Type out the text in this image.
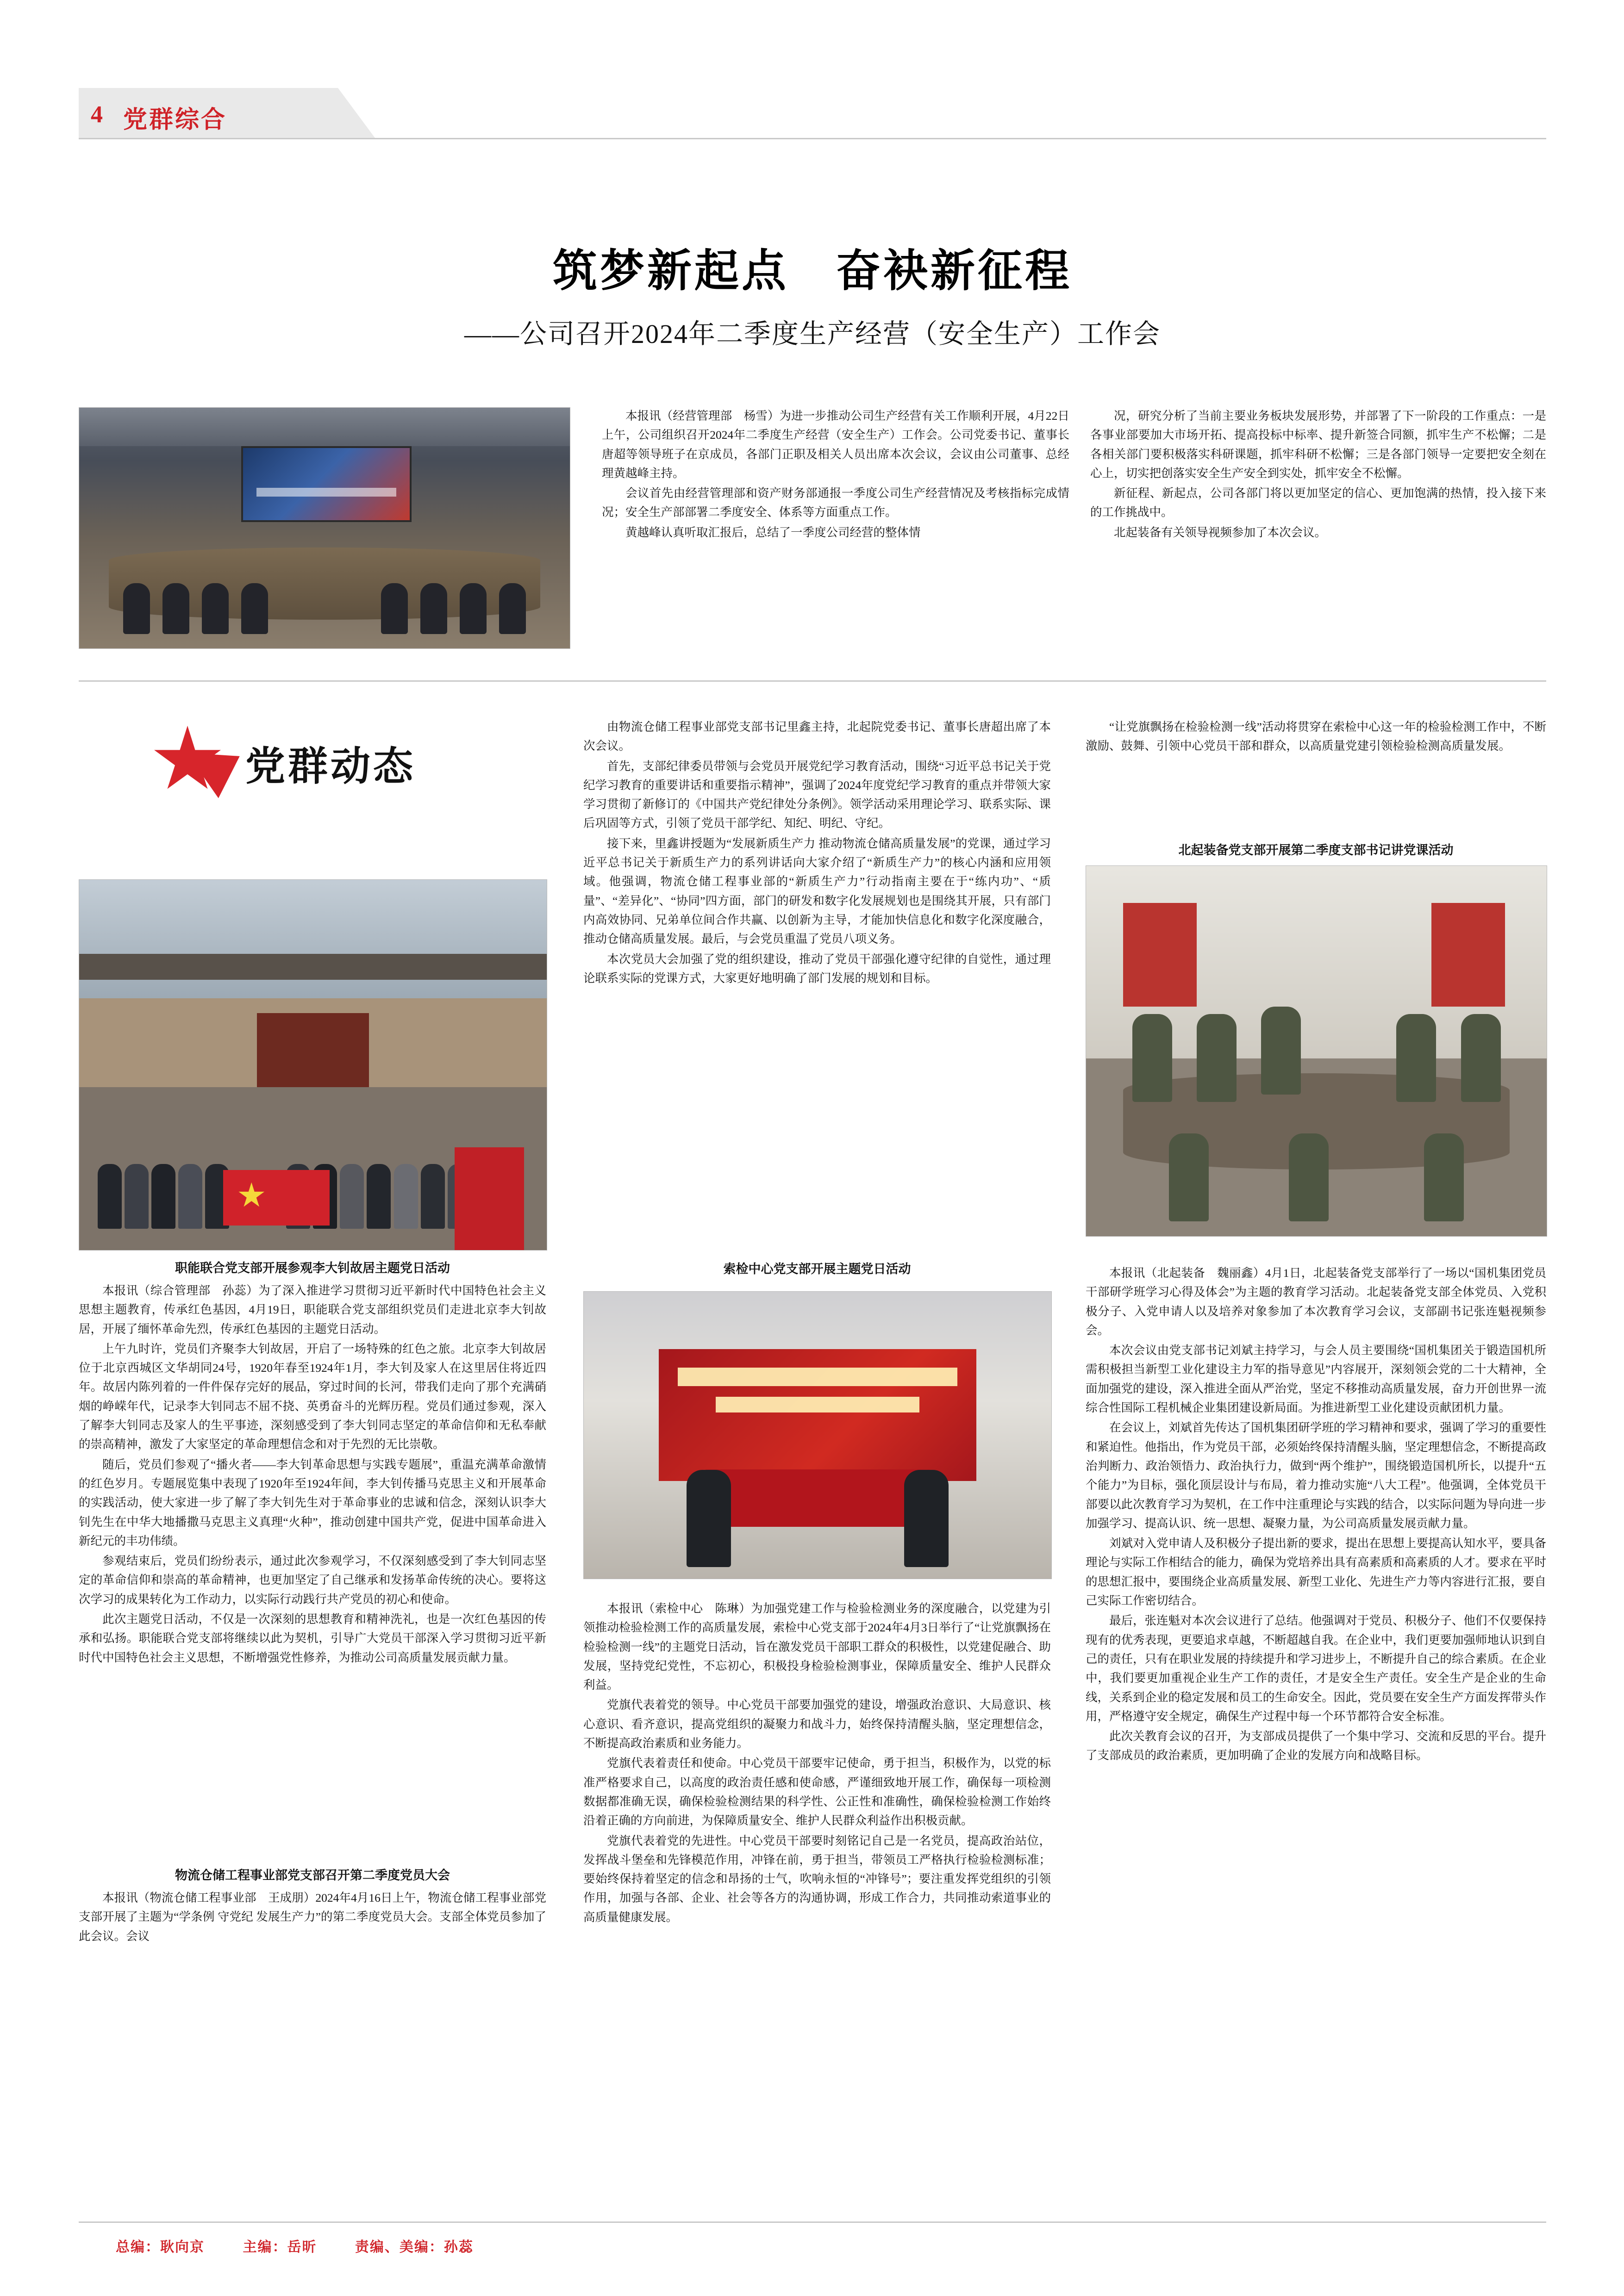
4 党群综合
筑梦新起点　奋袂新征程
——公司召开2024年二季度生产经营（安全生产）工作会

本报讯（经营管理部　杨雪）为进一步推动公司生产经营有关工作顺利开展，4月22日上午，公司组织召开2024年二季度生产经营（安全生产）工作会。公司党委书记、董事长唐超等领导班子在京成员，各部门正职及相关人员出席本次会议，会议由公司董事、总经理黄越峰主持。

会议首先由经营管理部和资产财务部通报一季度公司生产经营情况及考核指标完成情况；安全生产部部署二季度安全、体系等方面重点工作。

黄越峰认真听取汇报后，总结了一季度公司经营的整体情

况，研究分析了当前主要业务板块发展形势，并部署了下一阶段的工作重点：一是各事业部要加大市场开拓、提高投标中标率、提升新签合同额，抓牢生产不松懈；二是各相关部门要积极落实科研课题，抓牢科研不松懈；三是各部门领导一定要把安全刻在心上，切实把创落实安全生产安全到实处，抓牢安全不松懈。

新征程、新起点，公司各部门将以更加坚定的信心、更加饱满的热情，投入接下来的工作挑战中。

北起装备有关领导视频参加了本次会议。

党群动态
职能联合党支部开展参观李大钊故居主题党日活动

本报讯（综合管理部　孙蕊）为了深入推进学习贯彻习近平新时代中国特色社会主义思想主题教育，传承红色基因，4月19日，职能联合党支部组织党员们走进北京李大钊故居，开展了缅怀革命先烈，传承红色基因的主题党日活动。

上午九时许，党员们齐聚李大钊故居，开启了一场特殊的红色之旅。北京李大钊故居位于北京西城区文华胡同24号，1920年春至1924年1月，李大钊及家人在这里居住将近四年。故居内陈列着的一件件保存完好的展品，穿过时间的长河，带我们走向了那个充满硝烟的峥嵘年代，记录李大钊同志不屈不挠、英勇奋斗的光辉历程。党员们通过参观，深入了解李大钊同志及家人的生平事迹，深刻感受到了李大钊同志坚定的革命信仰和无私奉献的崇高精神，激发了大家坚定的革命理想信念和对于先烈的无比崇敬。

随后，党员们参观了“播火者——李大钊革命思想与实践专题展”，重温充满革命激情的红色岁月。专题展览集中表现了1920年至1924年间，李大钊传播马克思主义和开展革命的实践活动，使大家进一步了解了李大钊先生对于革命事业的忠诚和信念，深刻认识李大钊先生在中华大地播撒马克思主义真理“火种”，推动创建中国共产党，促进中国革命进入新纪元的丰功伟绩。

参观结束后，党员们纷纷表示，通过此次参观学习，不仅深刻感受到了李大钊同志坚定的革命信仰和崇高的革命精神，也更加坚定了自己继承和发扬革命传统的决心。要将这次学习的成果转化为工作动力，以实际行动践行共产党员的初心和使命。

此次主题党日活动，不仅是一次深刻的思想教育和精神洗礼，也是一次红色基因的传承和弘扬。职能联合党支部将继续以此为契机，引导广大党员干部深入学习贯彻习近平新时代中国特色社会主义思想，不断增强党性修养，为推动公司高质量发展贡献力量。

物流仓储工程事业部党支部召开第二季度党员大会

本报讯（物流仓储工程事业部　王成朋）2024年4月16日上午，物流仓储工程事业部党支部开展了主题为“学条例 守党纪 发展生产力”的第二季度党员大会。支部全体党员参加了此会议。会议

由物流仓储工程事业部党支部书记里鑫主持，北起院党委书记、董事长唐超出席了本次会议。

首先，支部纪律委员带领与会党员开展党纪学习教育活动，围绕“习近平总书记关于党纪学习教育的重要讲话和重要指示精神”，强调了2024年度党纪学习教育的重点并带领大家学习贯彻了新修订的《中国共产党纪律处分条例》。领学活动采用理论学习、联系实际、课后巩固等方式，引领了党员干部学纪、知纪、明纪、守纪。

接下来，里鑫讲授题为“发展新质生产力 推动物流仓储高质量发展”的党课，通过学习近平总书记关于新质生产力的系列讲话向大家介绍了“新质生产力”的核心内涵和应用领域。他强调，物流仓储工程事业部的“新质生产力”行动指南主要在于“练内功”、“质量”、“差异化”、“协同”四方面，部门的研发和数字化发展规划也是围绕其开展，只有部门内高效协同、兄弟单位间合作共赢、以创新为主导，才能加快信息化和数字化深度融合，推动仓储高质量发展。最后，与会党员重温了党员八项义务。

本次党员大会加强了党的组织建设，推动了党员干部强化遵守纪律的自觉性，通过理论联系实际的党课方式，大家更好地明确了部门发展的规划和目标。

索检中心党支部开展主题党日活动

本报讯（索检中心　陈琳）为加强党建工作与检验检测业务的深度融合，以党建为引领推动检验检测工作的高质量发展，索检中心党支部于2024年4月3日举行了“让党旗飘扬在检验检测一线”的主题党日活动，旨在激发党员干部职工群众的积极性，以党建促融合、助发展，坚持党纪党性，不忘初心，积极投身检验检测事业，保障质量安全、维护人民群众利益。

党旗代表着党的领导。中心党员干部要加强党的建设，增强政治意识、大局意识、核心意识、看齐意识，提高党组织的凝聚力和战斗力，始终保持清醒头脑，坚定理想信念，不断提高政治素质和业务能力。

党旗代表着责任和使命。中心党员干部要牢记使命，勇于担当，积极作为，以党的标准严格要求自己，以高度的政治责任感和使命感，严谨细致地开展工作，确保每一项检测数据都准确无误，确保检验检测结果的科学性、公正性和准确性，确保检验检测工作始终沿着正确的方向前进，为保障质量安全、维护人民群众利益作出积极贡献。

党旗代表着党的先进性。中心党员干部要时刻铭记自己是一名党员，提高政治站位，发挥战斗堡垒和先锋模范作用，冲锋在前，勇于担当，带领员工严格执行检验检测标准；要始终保持着坚定的信念和昂扬的士气，吹响永恒的“冲锋号”；要注重发挥党组织的引领作用，加强与各部、企业、社会等各方的沟通协调，形成工作合力，共同推动索道事业的高质量健康发展。

“让党旗飘扬在检验检测一线”活动将贯穿在索检中心这一年的检验检测工作中，不断激励、鼓舞、引领中心党员干部和群众，以高质量党建引领检验检测高质量发展。

北起装备党支部开展第二季度支部书记讲党课活动

本报讯（北起装备　魏丽鑫）4月1日，北起装备党支部举行了一场以“国机集团党员干部研学班学习心得及体会”为主题的教育学习活动。北起装备党支部全体党员、入党积极分子、入党申请人以及培养对象参加了本次教育学习会议，支部副书记张连魁视频参会。

本次会议由党支部书记刘斌主持学习，与会人员主要围绕“国机集团关于锻造国机所需积极担当新型工业化建设主力军的指导意见”内容展开，深刻领会党的二十大精神，全面加强党的建设，深入推进全面从严治党，坚定不移推动高质量发展，奋力开创世界一流综合性国际工程机械企业集团建设新局面。为推进新型工业化建设贡献团机力量。

在会议上，刘斌首先传达了国机集团研学班的学习精神和要求，强调了学习的重要性和紧迫性。他指出，作为党员干部，必须始终保持清醒头脑，坚定理想信念，不断提高政治判断力、政治领悟力、政治执行力，做到“两个维护”，围绕锻造国机所长，以提升“五个能力”为目标，强化顶层设计与布局，着力推动实施“八大工程”。他强调，全体党员干部要以此次教育学习为契机，在工作中注重理论与实践的结合，以实际问题为导向进一步加强学习、提高认识、统一思想、凝聚力量，为公司高质量发展贡献力量。

刘斌对入党申请人及积极分子提出新的要求，提出在思想上要提高认知水平，要具备理论与实际工作相结合的能力，确保为党培养出具有高素质和高素质的人才。要求在平时的思想汇报中，要围绕企业高质量发展、新型工业化、先进生产力等内容进行汇报，要自己实际工作密切结合。

最后，张连魁对本次会议进行了总结。他强调对于党员、积极分子、他们不仅要保持现有的优秀表现，更要追求卓越，不断超越自我。在企业中，我们更要加强师地认识到自己的责任，只有在职业发展的持续提升和学习进步上，不断提升自己的综合素质。在企业中，我们要更加重视企业生产工作的责任，才是安全生产责任。安全生产是企业的生命线，关系到企业的稳定发展和员工的生命安全。因此，党员要在安全生产方面发挥带头作用，严格遵守安全规定，确保生产过程中每一个环节都符合安全标准。

此次关教育会议的召开，为支部成员提供了一个集中学习、交流和反思的平台。提升了支部成员的政治素质，更加明确了企业的发展方向和战略目标。

总编：耿向京	主编：岳昕	责编、美编：孙蕊
